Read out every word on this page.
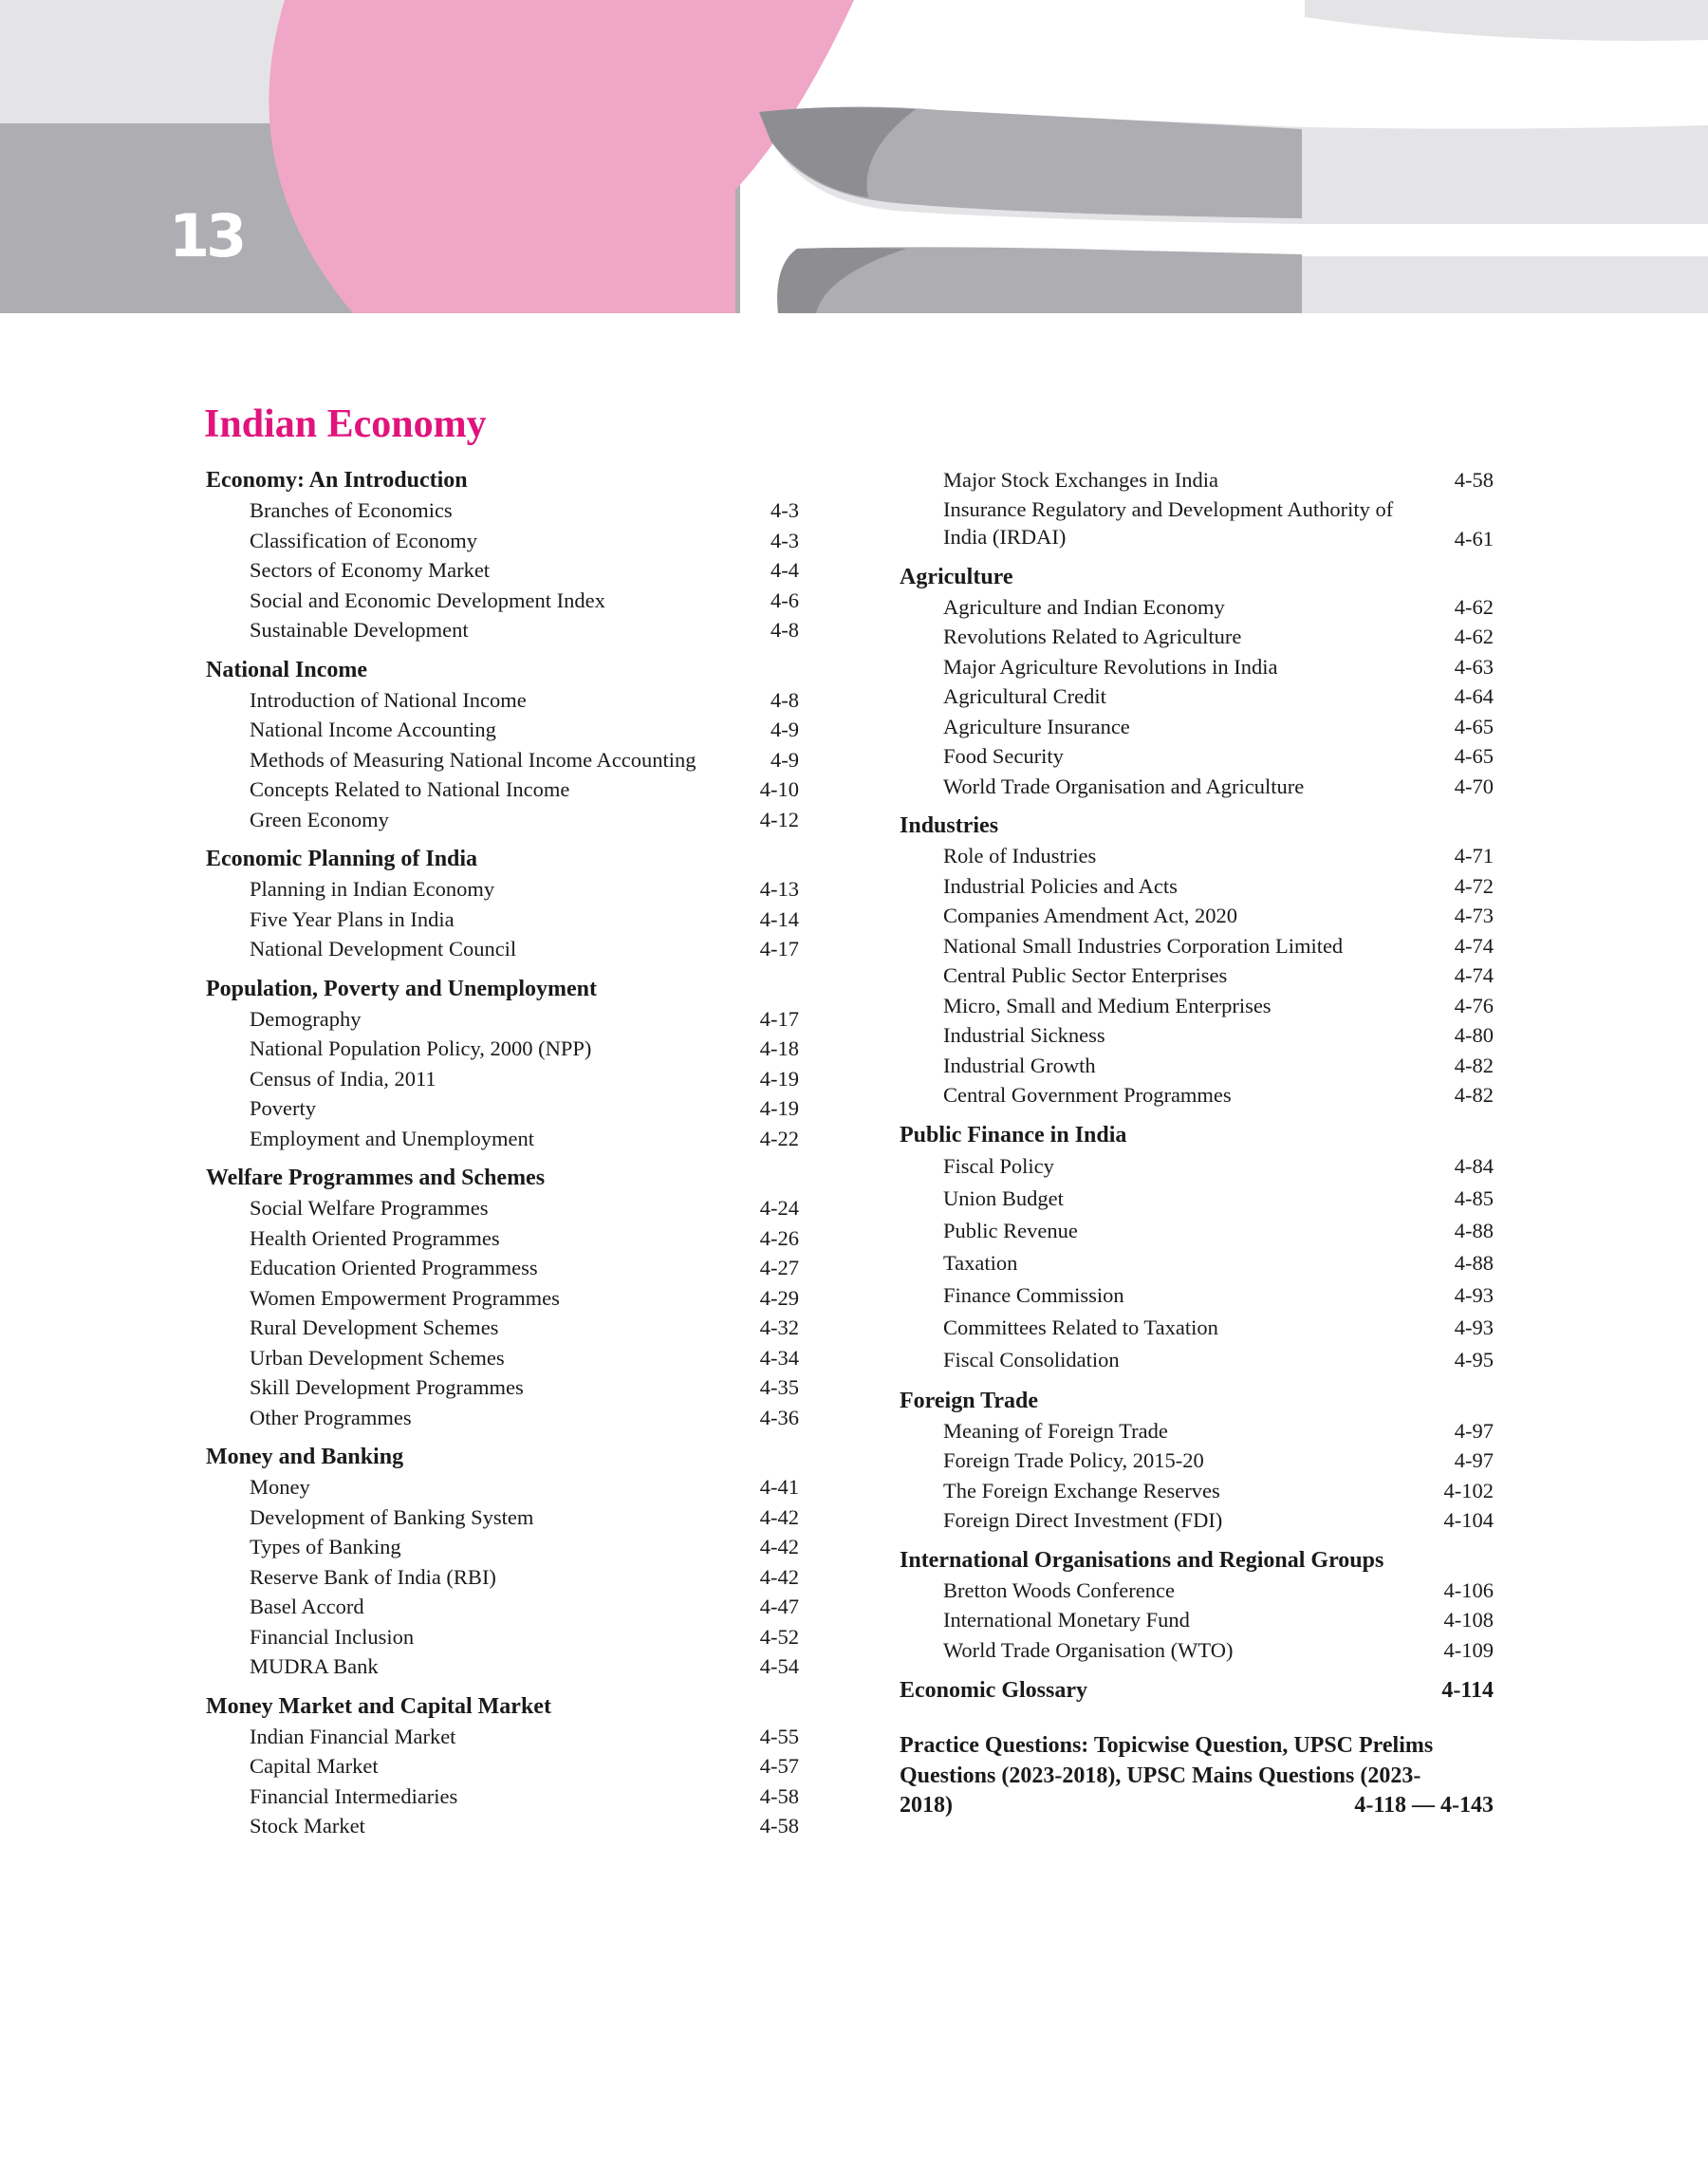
13
Indian Economy
Economy: An Introduction
Branches of Economics	4-3
Classification of Economy	4-3
Sectors of Economy Market	4-4
Social and Economic Development Index	4-6
Sustainable Development	4-8
National Income
Introduction of National Income	4-8
National Income Accounting	4-9
Methods of Measuring National Income Accounting	4-9
Concepts Related to National Income	4-10
Green Economy	4-12
Economic Planning of India
Planning in Indian Economy	4-13
Five Year Plans in India	4-14
National Development Council	4-17
Population, Poverty and Unemployment
Demography	4-17
National Population Policy, 2000 (NPP)	4-18
Census of India, 2011	4-19
Poverty	4-19
Employment and Unemployment	4-22
Welfare Programmes and Schemes
Social Welfare Programmes	4-24
Health Oriented Programmes	4-26
Education Oriented Programmess	4-27
Women Empowerment Programmes	4-29
Rural Development Schemes	4-32
Urban Development Schemes	4-34
Skill Development Programmes	4-35
Other Programmes	4-36
Money and Banking
Money	4-41
Development of Banking System	4-42
Types of Banking	4-42
Reserve Bank of India (RBI)	4-42
Basel Accord	4-47
Financial Inclusion	4-52
MUDRA Bank	4-54
Money Market and Capital Market
Indian Financial Market	4-55
Capital Market	4-57
Financial Intermediaries	4-58
Stock Market	4-58
Major Stock Exchanges in India	4-58
Insurance Regulatory and Development Authority of India (IRDAI)	4-61
Agriculture
Agriculture and Indian Economy	4-62
Revolutions Related to Agriculture	4-62
Major Agriculture Revolutions in India	4-63
Agricultural Credit	4-64
Agriculture Insurance	4-65
Food Security	4-65
World Trade Organisation and Agriculture	4-70
Industries
Role of Industries	4-71
Industrial Policies and Acts	4-72
Companies Amendment Act, 2020	4-73
National Small Industries Corporation Limited	4-74
Central Public Sector Enterprises	4-74
Micro, Small and Medium Enterprises	4-76
Industrial Sickness	4-80
Industrial Growth	4-82
Central Government Programmes	4-82
Public Finance in India
Fiscal Policy	4-84
Union Budget	4-85
Public Revenue	4-88
Taxation	4-88
Finance Commission	4-93
Committees Related to Taxation	4-93
Fiscal Consolidation	4-95
Foreign Trade
Meaning of Foreign Trade	4-97
Foreign Trade Policy, 2015-20	4-97
The Foreign Exchange Reserves	4-102
Foreign Direct Investment (FDI)	4-104
International Organisations and Regional Groups
Bretton Woods Conference	4-106
International Monetary Fund	4-108
World Trade Organisation (WTO)	4-109
Economic Glossary	4-114
Practice Questions: Topicwise Question, UPSC Prelims Questions (2023-2018), UPSC Mains Questions (2023-2018)	4-118 — 4-143
